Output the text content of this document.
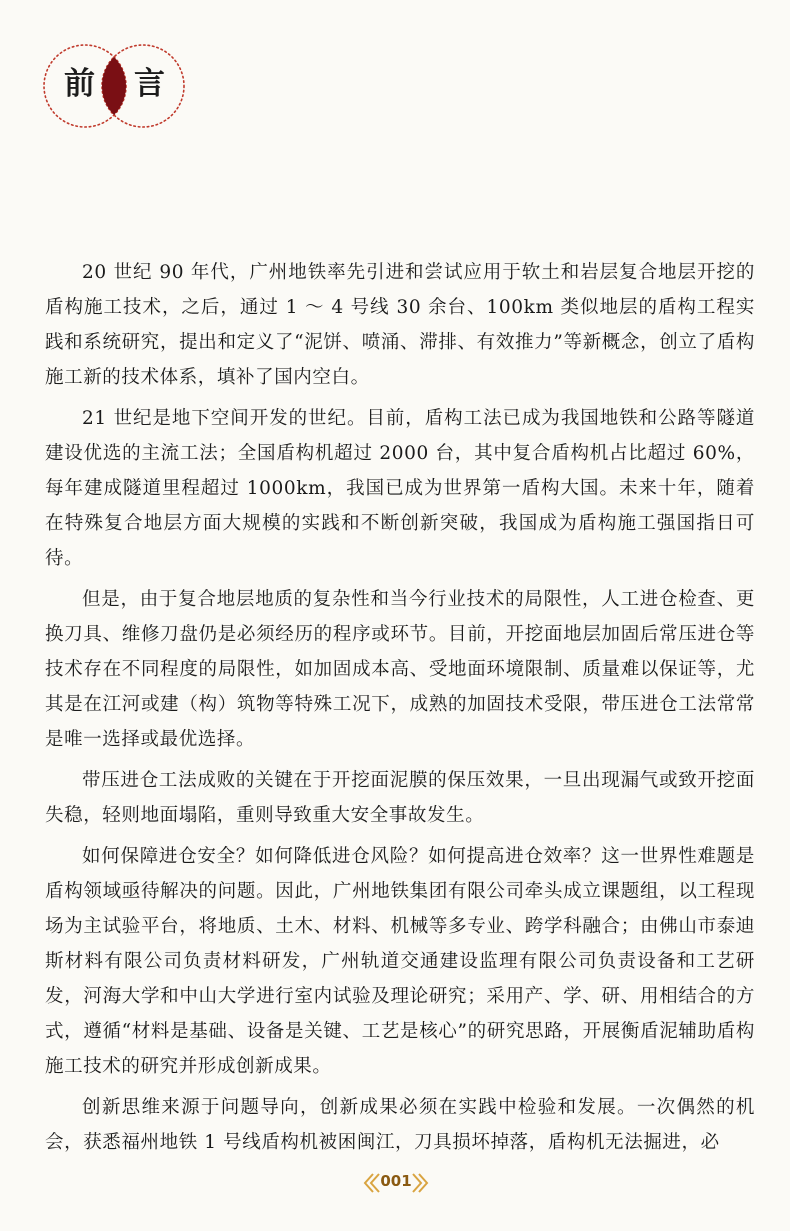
前 言

20 世纪 90 年代，广州地铁率先引进和尝试应用于软土和岩层复合地层开挖的盾构施工技术，之后，通过 1 ～ 4 号线 30 余台、100km 类似地层的盾构工程实践和系统研究，提出和定义了“泥饼、喷涌、滞排、有效推力”等新概念，创立了盾构施工新的技术体系，填补了国内空白。

21 世纪是地下空间开发的世纪。目前，盾构工法已成为我国地铁和公路等隧道建设优选的主流工法；全国盾构机超过 2000 台，其中复合盾构机占比超过 60%，每年建成隧道里程超过 1000km，我国已成为世界第一盾构大国。未来十年，随着在特殊复合地层方面大规模的实践和不断创新突破，我国成为盾构施工强国指日可待。

但是，由于复合地层地质的复杂性和当今行业技术的局限性，人工进仓检查、更换刀具、维修刀盘仍是必须经历的程序或环节。目前，开挖面地层加固后常压进仓等技术存在不同程度的局限性，如加固成本高、受地面环境限制、质量难以保证等，尤其是在江河或建（构）筑物等特殊工况下，成熟的加固技术受限，带压进仓工法常常是唯一选择或最优选择。

带压进仓工法成败的关键在于开挖面泥膜的保压效果，一旦出现漏气或致开挖面失稳，轻则地面塌陷，重则导致重大安全事故发生。

如何保障进仓安全？如何降低进仓风险？如何提高进仓效率？这一世界性难题是盾构领域亟待解决的问题。因此，广州地铁集团有限公司牵头成立课题组，以工程现场为主试验平台，将地质、土木、材料、机械等多专业、跨学科融合；由佛山市泰迪斯材料有限公司负责材料研发，广州轨道交通建设监理有限公司负责设备和工艺研发，河海大学和中山大学进行室内试验及理论研究；采用产、学、研、用相结合的方式，遵循“材料是基础、设备是关键、工艺是核心”的研究思路，开展衡盾泥辅助盾构施工技术的研究并形成创新成果。

创新思维来源于问题导向，创新成果必须在实践中检验和发展。一次偶然的机会，获悉福州地铁 1 号线盾构机被困闽江，刀具损坏掉落，盾构机无法掘进，必

001
